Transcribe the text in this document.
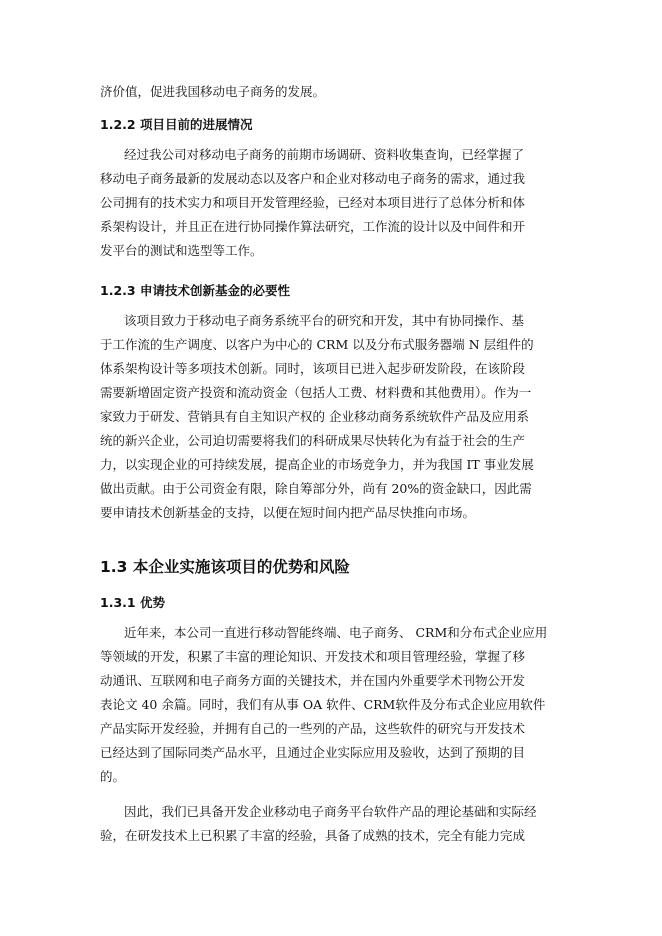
济价值，促进我国移动电子商务的发展。
1.2.2 项目目前的进展情况
经过我公司对移动电子商务的前期市场调研、资料收集查询，已经掌握了
移动电子商务最新的发展动态以及客户和企业对移动电子商务的需求，通过我
公司拥有的技术实力和项目开发管理经验，已经对本项目进行了总体分析和体
系架构设计，并且正在进行协同操作算法研究，工作流的设计以及中间件和开
发平台的测试和选型等工作。
1.2.3 申请技术创新基金的必要性
该项目致力于移动电子商务系统平台的研究和开发，其中有协同操作、基
于工作流的生产调度、以客户为中心的 CRM 以及分布式服务器端 N 层组件的
体系架构设计等多项技术创新。同时，该项目已进入起步研发阶段，在该阶段
需要新增固定资产投资和流动资金（包括人工费、材料费和其他费用）。作为一
家致力于研发、营销具有自主知识产权的 企业移动商务系统软件产品及应用系
统的新兴企业，公司迫切需要将我们的科研成果尽快转化为有益于社会的生产
力，以实现企业的可持续发展，提高企业的市场竞争力，并为我国 IT 事业发展
做出贡献。由于公司资金有限，除自筹部分外，尚有 20%的资金缺口，因此需
要申请技术创新基金的支持，以便在短时间内把产品尽快推向市场。
1.3 本企业实施该项目的优势和风险
1.3.1 优势
近年来，本公司一直进行移动智能终端、电子商务、 CRM和分布式企业应用
等领域的开发，积累了丰富的理论知识、开发技术和项目管理经验，掌握了移
动通讯、互联网和电子商务方面的关键技术，并在国内外重要学术刊物公开发
表论文 40 余篇。同时，我们有从事 OA 软件、CRM软件及分布式企业应用软件
产品实际开发经验，并拥有自己的一些列的产品，这些软件的研究与开发技术
已经达到了国际同类产品水平，且通过企业实际应用及验收，达到了预期的目
的。
因此，我们已具备开发企业移动电子商务平台软件产品的理论基础和实际经
验，在研发技术上已积累了丰富的经验，具备了成熟的技术，完全有能力完成
